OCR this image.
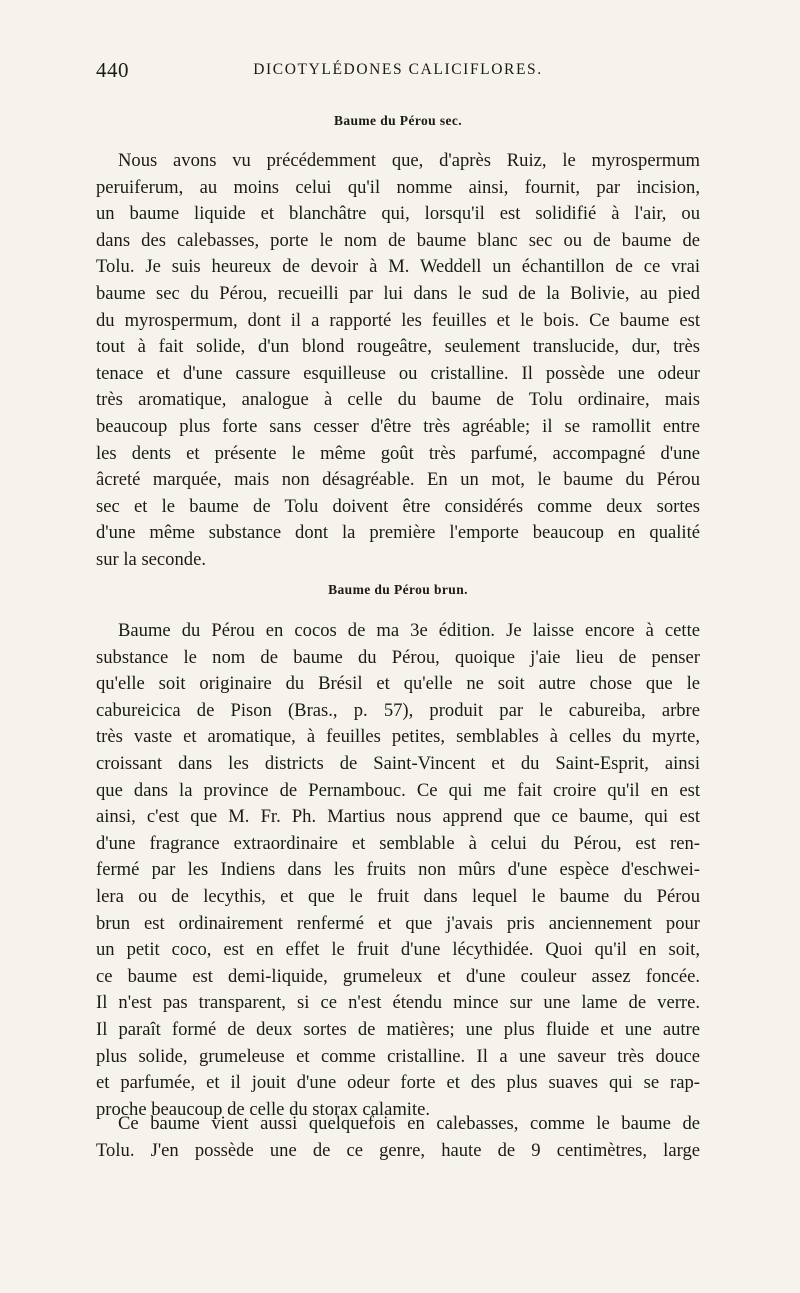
440	DICOTYLÉDONES CALICIFLORES.
Baume du Pérou sec.
Nous avons vu précédemment que, d'après Ruiz, le myrospermum
peruiferum, au moins celui qu'il nomme ainsi, fournit, par incision,
un baume liquide et blanchâtre qui, lorsqu'il est solidifié à l'air, ou
dans des calebasses, porte le nom de baume blanc sec ou de baume de
Tolu. Je suis heureux de devoir à M. Weddell un échantillon de ce vrai
baume sec du Pérou, recueilli par lui dans le sud de la Bolivie, au pied
du myrospermum, dont il a rapporté les feuilles et le bois. Ce baume est
tout à fait solide, d'un blond rougeâtre, seulement translucide, dur, très
tenace et d'une cassure esquilleuse ou cristalline. Il possède une odeur
très aromatique, analogue à celle du baume de Tolu ordinaire, mais
beaucoup plus forte sans cesser d'être très agréable; il se ramollit entre
les dents et présente le même goût très parfumé, accompagné d'une
âcreté marquée, mais non désagréable. En un mot, le baume du Pérou
sec et le baume de Tolu doivent être considérés comme deux sortes
d'une même substance dont la première l'emporte beaucoup en qualité
sur la seconde.
Baume du Pérou brun.
Baume du Pérou en cocos de ma 3e édition. Je laisse encore à cette
substance le nom de baume du Pérou, quoique j'aie lieu de penser
qu'elle soit originaire du Brésil et qu'elle ne soit autre chose que le
cabureicica de Pison (Bras., p. 57), produit par le cabureiba, arbre
très vaste et aromatique, à feuilles petites, semblables à celles du myrte,
croissant dans les districts de Saint-Vincent et du Saint-Esprit, ainsi
que dans la province de Pernambouc. Ce qui me fait croire qu'il en est
ainsi, c'est que M. Fr. Ph. Martius nous apprend que ce baume, qui est
d'une fragrance extraordinaire et semblable à celui du Pérou, est ren-
fermé par les Indiens dans les fruits non mûrs d'une espèce d'eschwei-
lera ou de lecythis, et que le fruit dans lequel le baume du Pérou
brun est ordinairement renfermé et que j'avais pris anciennement pour
un petit coco, est en effet le fruit d'une lécythidée. Quoi qu'il en soit,
ce baume est demi-liquide, grumeleux et d'une couleur assez foncée.
Il n'est pas transparent, si ce n'est étendu mince sur une lame de verre.
Il paraît formé de deux sortes de matières; une plus fluide et une autre
plus solide, grumeleuse et comme cristalline. Il a une saveur très douce
et parfumée, et il jouit d'une odeur forte et des plus suaves qui se rap-
proche beaucoup de celle du storax calamite.
Ce baume vient aussi quelquefois en calebasses, comme le baume de
Tolu. J'en possède une de ce genre, haute de 9 centimètres, large
